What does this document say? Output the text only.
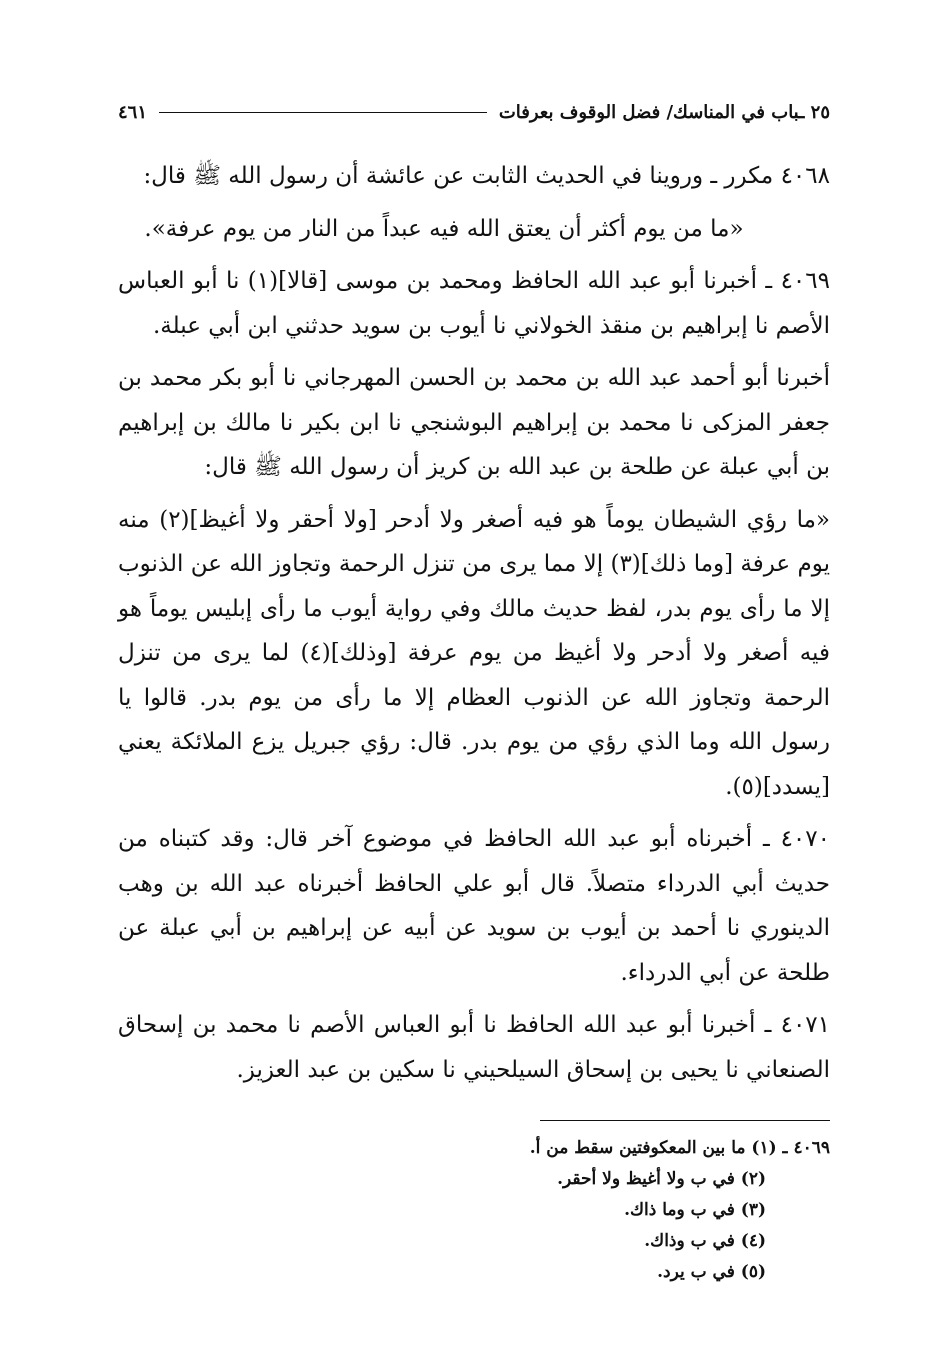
٢٥ ـباب في المناسك/ فضل الوقوف بعرفات
٤٦١

٤٠٦٨ مكرر ـ وروينا في الحديث الثابت عن عائشة أن رسول الله ﷺ قال:

«ما من يوم أكثر أن يعتق الله فيه عبداً من النار من يوم عرفة».

٤٠٦٩ ـ أخبرنا أبو عبد الله الحافظ ومحمد بن موسى [قالا](١) نا أبو العباس الأصم نا إبراهيم بن منقذ الخولاني نا أيوب بن سويد حدثني ابن أبي عبلة.

أخبرنا أبو أحمد عبد الله بن محمد بن الحسن المهرجاني نا أبو بكر محمد بن جعفر المزكى نا محمد بن إبراهيم البوشنجي نا ابن بكير نا مالك بن إبراهيم بن أبي عبلة عن طلحة بن عبد الله بن كريز أن رسول الله ﷺ قال:

«ما رؤي الشيطان يوماً هو فيه أصغر ولا أدحر [ولا أحقر ولا أغيظ](٢) منه يوم عرفة [وما ذلك](٣) إلا مما يرى من تنزل الرحمة وتجاوز الله عن الذنوب إلا ما رأى يوم بدر، لفظ حديث مالك وفي رواية أيوب ما رأى إبليس يوماً هو فيه أصغر ولا أدحر ولا أغيظ من يوم عرفة [وذلك](٤) لما يرى من تنزل الرحمة وتجاوز الله عن الذنوب العظام إلا ما رأى من يوم بدر. قالوا يا رسول الله وما الذي رؤي من يوم بدر. قال: رؤي جبريل يزع الملائكة يعني [يسدد](٥).

٤٠٧٠ ـ أخبرناه أبو عبد الله الحافظ في موضوع آخر قال: وقد كتبناه من حديث أبي الدرداء متصلاً. قال أبو علي الحافظ أخبرناه عبد الله بن وهب الدينوري نا أحمد بن أيوب بن سويد عن أبيه عن إبراهيم بن أبي عبلة عن طلحة عن أبي الدرداء.

٤٠٧١ ـ أخبرنا أبو عبد الله الحافظ نا أبو العباس الأصم نا محمد بن إسحاق الصنعاني نا يحيى بن إسحاق السيلحيني نا سكين بن عبد العزيز.

٤٠٦٩ ـ (١) ما بين المعكوفتين سقط من أ.

(٢) في ب ولا أغيظ ولا أحقر.

(٣) في ب وما ذاك.

(٤) في ب وذاك.

(٥) في ب يرد.
